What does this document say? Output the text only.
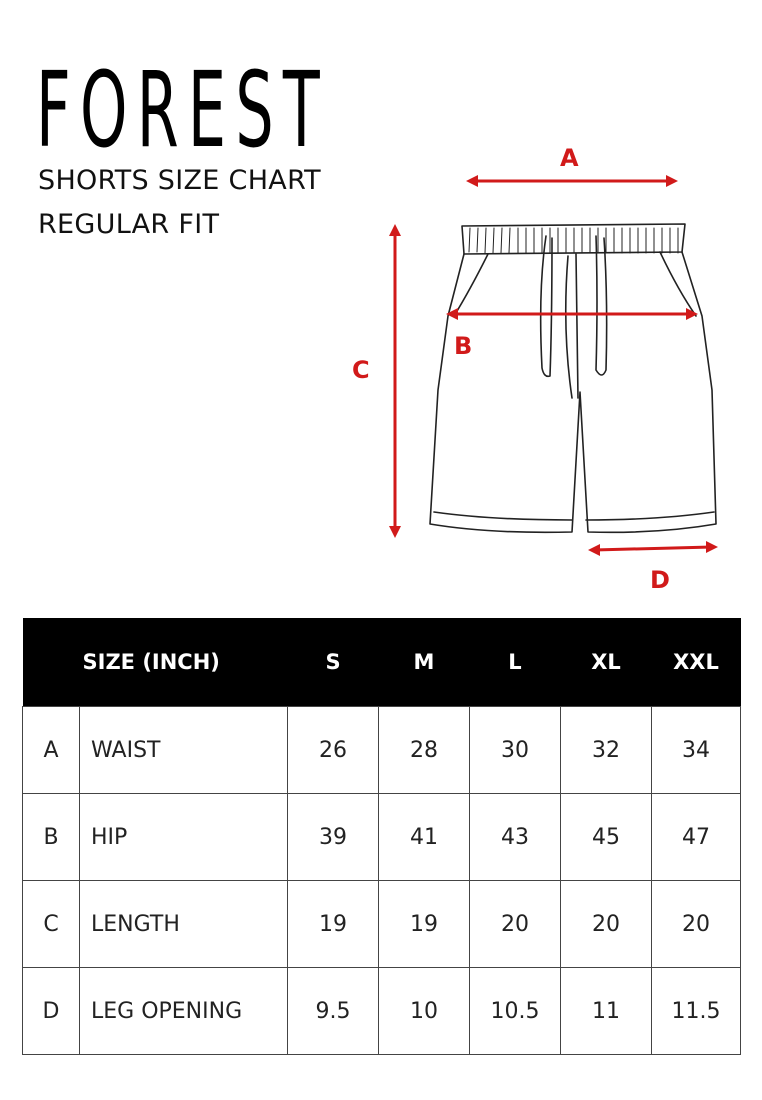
FOREST
SHORTS SIZE CHART
REGULAR FIT
A
B
C
D
	SIZE (INCH)	S	M	L	XL	XXL
A	WAIST	26	28	30	32	34
B	HIP	39	41	43	45	47
C	LENGTH	19	19	20	20	20
D	LEG OPENING	9.5	10	10.5	11	11.5
